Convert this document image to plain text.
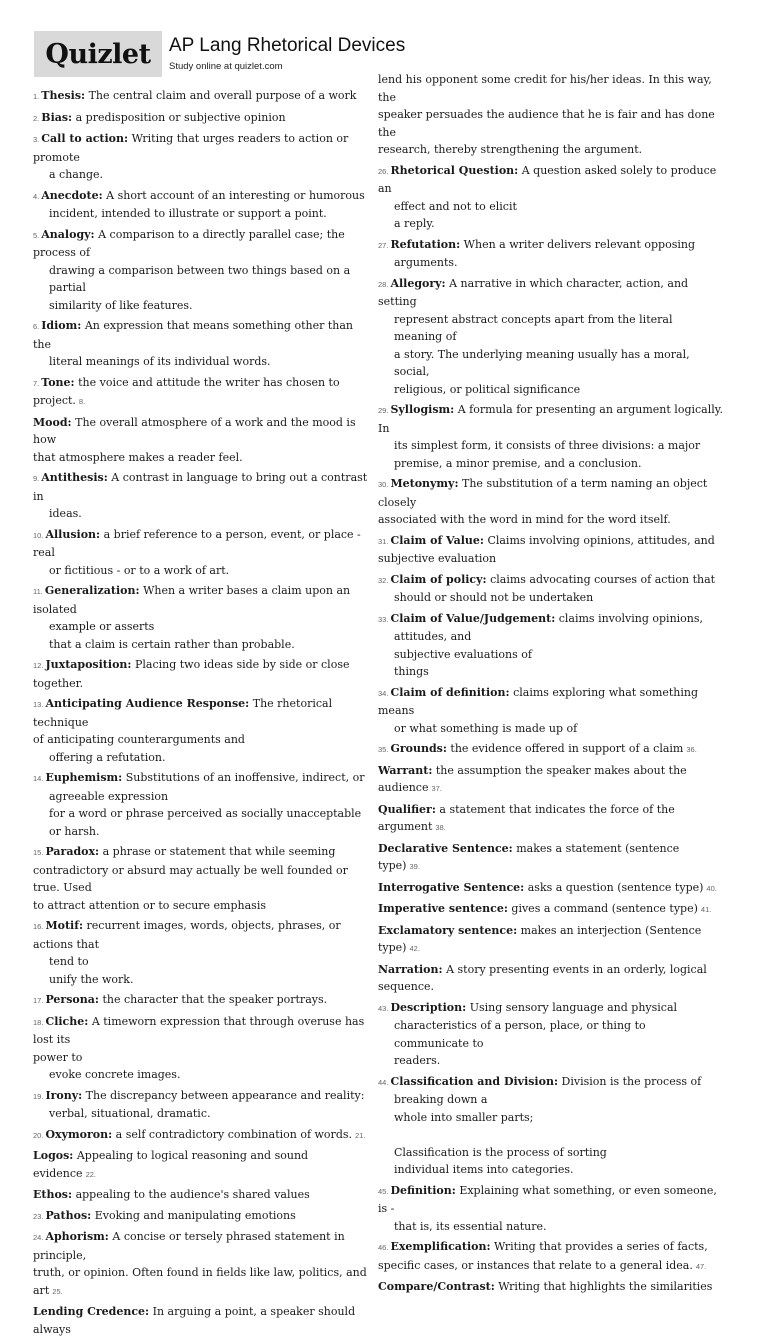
Quizlet AP Lang Rhetorical Devices
Study online at quizlet.com
1. Thesis: The central claim and overall purpose of a work
2. Bias: a predisposition or subjective opinion
3. Call to action: Writing that urges readers to action or promote
a change.
4. Anecdote: A short account of an interesting or humorous
incident, intended to illustrate or support a point.
5. Analogy: A comparison to a directly parallel case; the process of
drawing a comparison between two things based on a partial
similarity of like features.
6. Idiom: An expression that means something other than the
literal meanings of its individual words.
7. Tone: the voice and attitude the writer has chosen to project. 8.
Mood: The overall atmosphere of a work and the mood is how
that atmosphere makes a reader feel.
9. Antithesis: A contrast in language to bring out a contrast in
ideas.
10. Allusion: a brief reference to a person, event, or place - real
or fictitious - or to a work of art.
11. Generalization: When a writer bases a claim upon an isolated
example or asserts
that a claim is certain rather than probable.
12. Juxtaposition: Placing two ideas side by side or close together.
13. Anticipating Audience Response: The rhetorical technique
of anticipating counterarguments and
offering a refutation.
14. Euphemism: Substitutions of an inoffensive, indirect, or
agreeable expression
for a word or phrase perceived as socially unacceptable or harsh.
15. Paradox: a phrase or statement that while seeming
contradictory or absurd may actually be well founded or true. Used
to attract attention or to secure emphasis
16. Motif: recurrent images, words, objects, phrases, or actions that
tend to
unify the work.
17. Persona: the character that the speaker portrays.
18. Cliche: A timeworn expression that through overuse has lost its
power to
evoke concrete images.
19. Irony: The discrepancy between appearance and reality:
verbal, situational, dramatic.
20. Oxymoron: a self contradictory combination of words. 21.
Logos: Appealing to logical reasoning and sound evidence 22.
Ethos: appealing to the audience's shared values
23. Pathos: Evoking and manipulating emotions
24. Aphorism: A concise or tersely phrased statement in principle,
truth, or opinion. Often found in fields like law, politics, and art 25.
Lending Credence: In arguing a point, a speaker should always
lend his opponent some credit for his/her ideas. In this way, the
speaker persuades the audience that he is fair and has done the
research, thereby strengthening the argument.
26. Rhetorical Question: A question asked solely to produce an
effect and not to elicit
a reply.
27. Refutation: When a writer delivers relevant opposing
arguments.
28. Allegory: A narrative in which character, action, and setting
represent abstract concepts apart from the literal meaning of
a story. The underlying meaning usually has a moral, social,
religious, or political significance
29. Syllogism: A formula for presenting an argument logically. In
its simplest form, it consists of three divisions: a major
premise, a minor premise, and a conclusion.
30. Metonymy: The substitution of a term naming an object closely
associated with the word in mind for the word itself.
31. Claim of Value: Claims involving opinions, attitudes, and
subjective evaluation
32. Claim of policy: claims advocating courses of action that
should or should not be undertaken
33. Claim of Value/Judgement: claims involving opinions,
attitudes, and
subjective evaluations of
things
34. Claim of definition: claims exploring what something means
or what something is made up of
35. Grounds: the evidence offered in support of a claim 36.
Warrant: the assumption the speaker makes about the audience 37.
Qualifier: a statement that indicates the force of the argument 38.
Declarative Sentence: makes a statement (sentence type) 39.
Interrogative Sentence: asks a question (sentence type) 40.
Imperative sentence: gives a command (sentence type) 41.
Exclamatory sentence: makes an interjection (Sentence type) 42.
Narration: A story presenting events in an orderly, logical
sequence.
43. Description: Using sensory language and physical
characteristics of a person, place, or thing to communicate to
readers.
44. Classification and Division: Division is the process of
breaking down a
whole into smaller parts;
Classification is the process of sorting
individual items into categories.
45. Definition: Explaining what something, or even someone, is -
that is, its essential nature.
46. Exemplification: Writing that provides a series of facts,
specific cases, or instances that relate to a general idea. 47.
Compare/Contrast: Writing that highlights the similarities
